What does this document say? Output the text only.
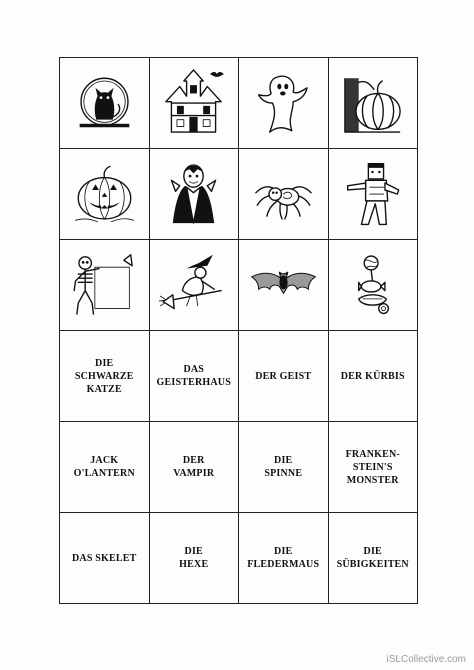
DIE
SCHWARZE
KATZE
DAS
GEISTERHAUS
DER GEIST	DER KÜRBIS
JACK
O'LANTERN
DER
VAMPIR
DIE
SPINNE
FRANKEN-
STEIN'S
MONSTER
DAS SKELET
DIE
HEXE
DIE
FLEDERMAUS
DIE
SÜBIGKEITEN
iSLCollective.com
